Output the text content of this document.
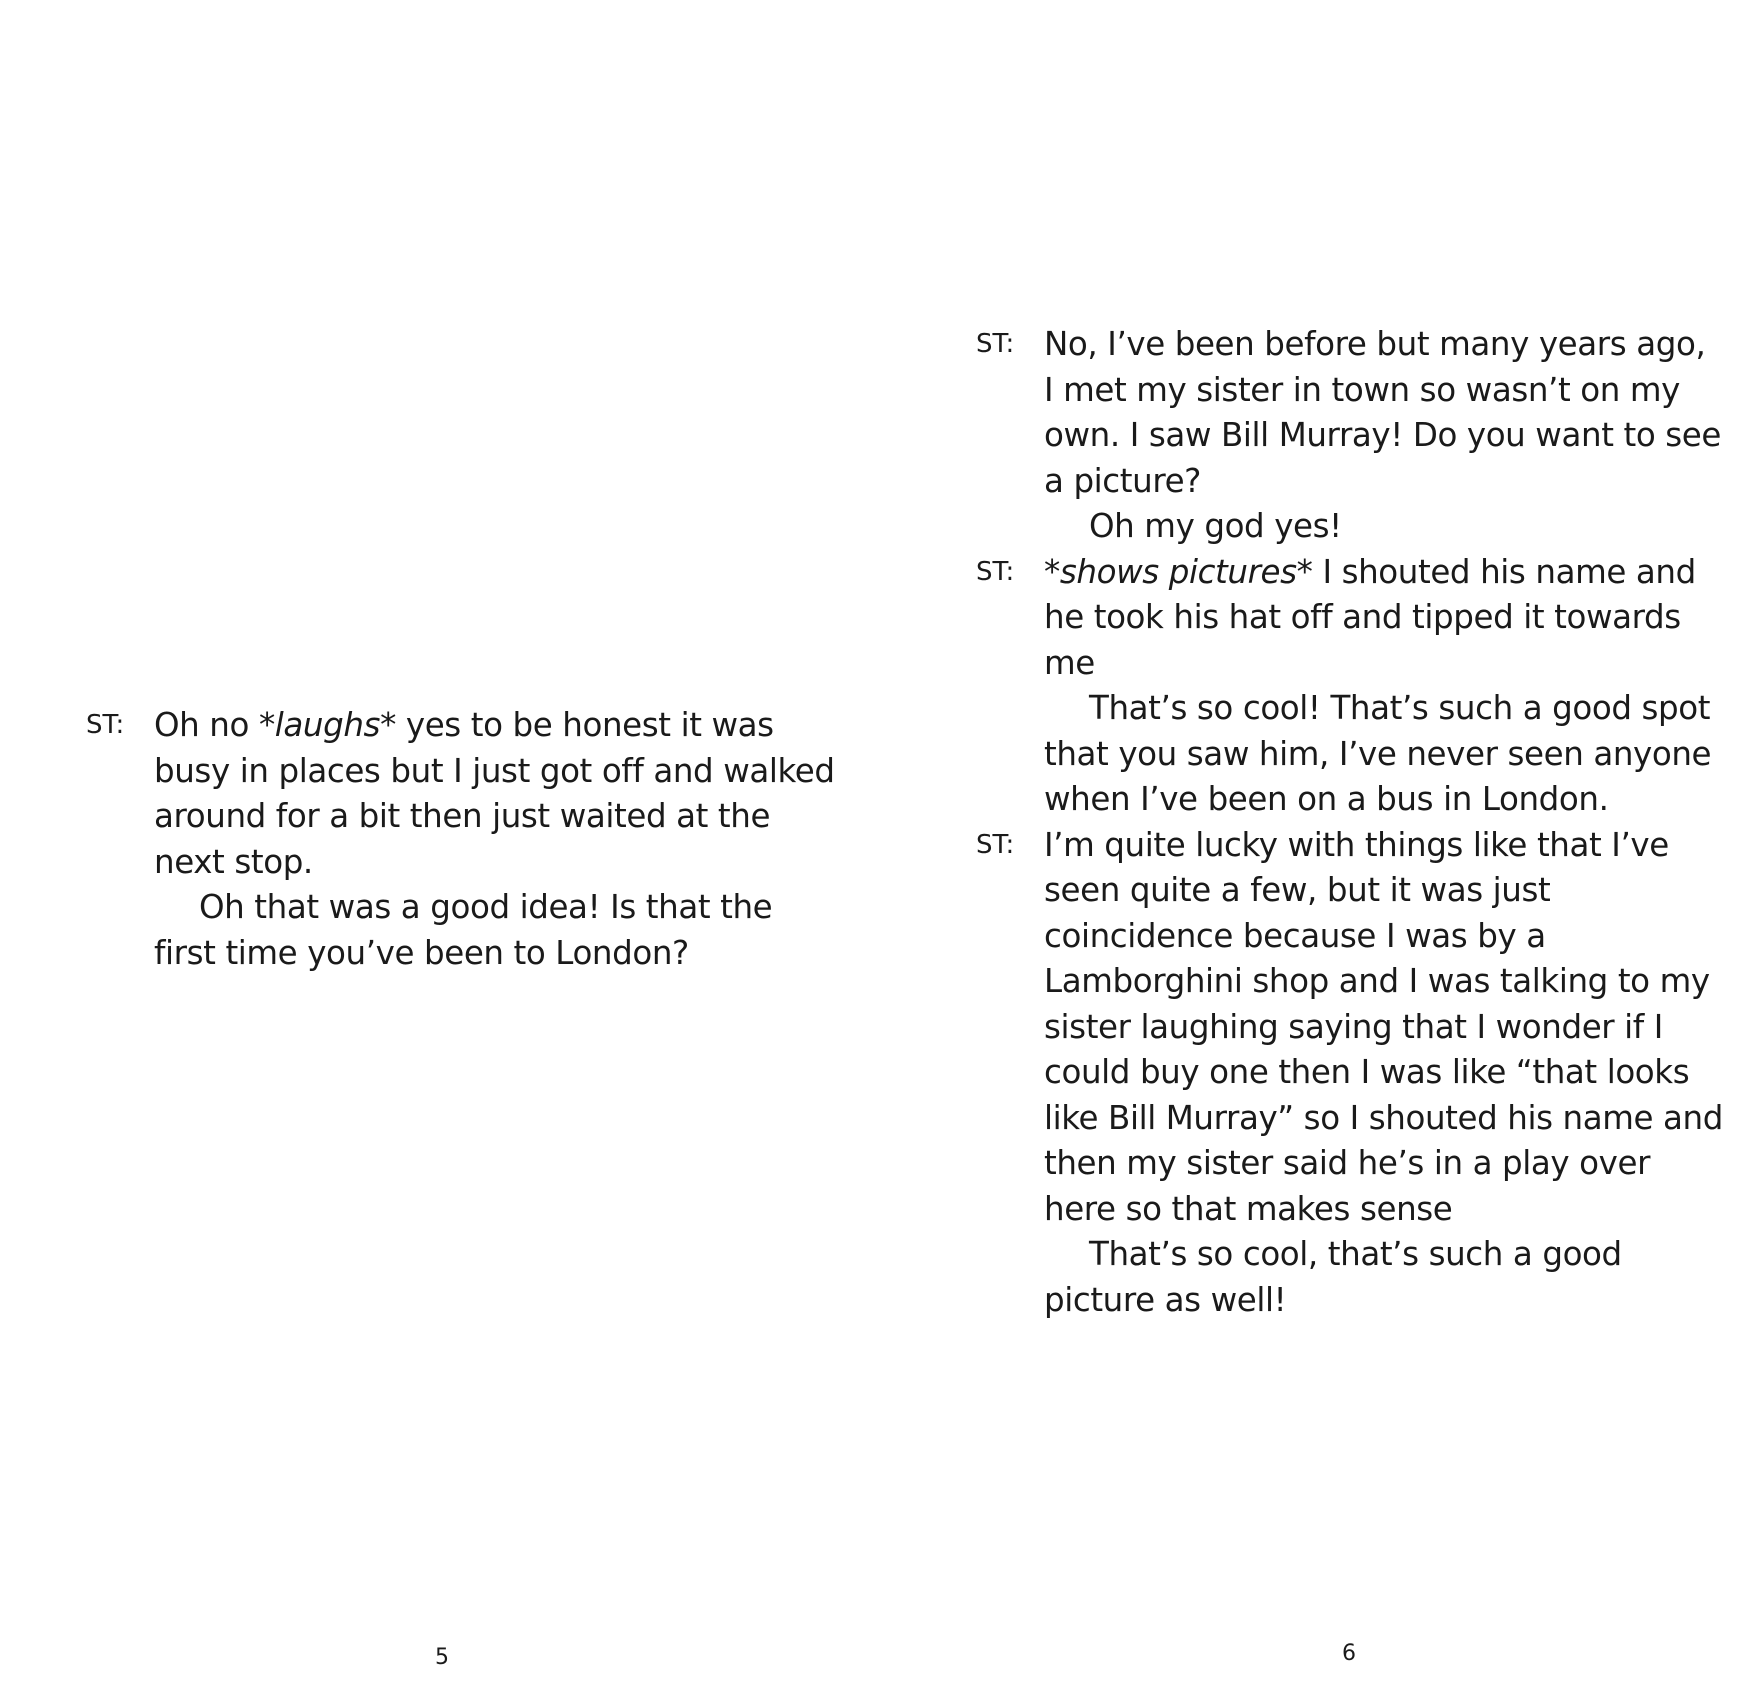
ST: Oh no *laughs* yes to be honest it was busy in places but I just got off and walked around for a bit then just waited at the next stop.
Oh that was a good idea! Is that the first time you’ve been to London?
5
ST: No, I’ve been before but many years ago, I met my sister in town so wasn’t on my own. I saw Bill Murray! Do you want to see a picture?
Oh my god yes!
ST: *shows pictures* I shouted his name and he took his hat off and tipped it towards me
That’s so cool! That’s such a good spot that you saw him, I’ve never seen anyone when I’ve been on a bus in London.
ST: I’m quite lucky with things like that I’ve seen quite a few, but it was just coincidence because I was by a Lamborghini shop and I was talking to my sister laughing saying that I wonder if I could buy one then I was like “that looks like Bill Murray” so I shouted his name and then my sister said he’s in a play over here so that makes sense
That’s so cool, that’s such a good picture as well!
6
